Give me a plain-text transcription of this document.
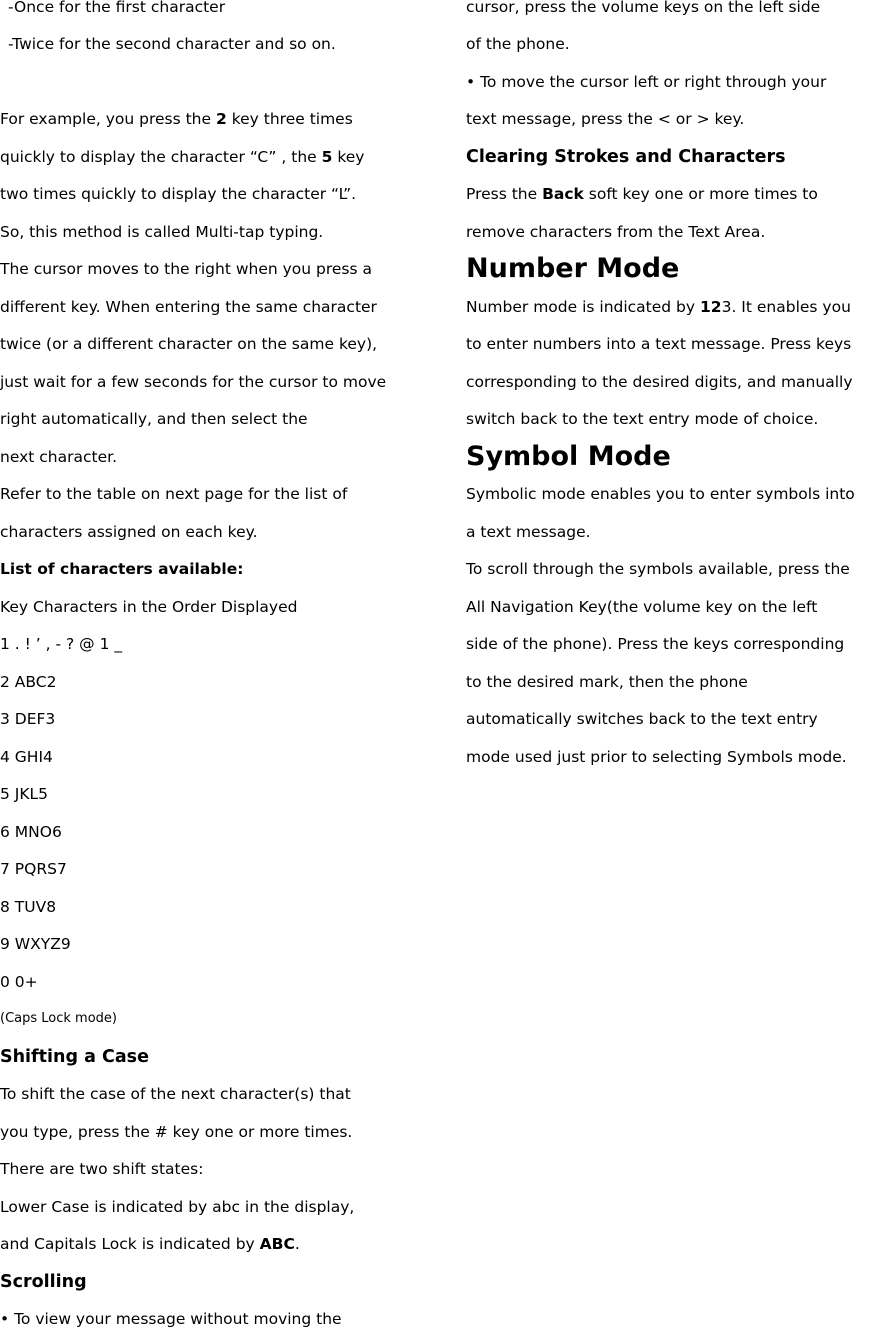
-Once for the first character
-Twice for the second character and so on.
For example, you press the 2 key three times
quickly to display the character “C” , the 5 key
two times quickly to display the character “L”.
So, this method is called Multi-tap typing.
The cursor moves to the right when you press a
different key. When entering the same character
twice (or a different character on the same key),
just wait for a few seconds for the cursor to move
right automatically, and then select the
next character.
Refer to the table on next page for the list of
characters assigned on each key.
List of characters available:
Key Characters in the Order Displayed
1 . ! ’ , - ? @ 1 _
2 ABC2
3 DEF3
4 GHI4
5 JKL5
6 MNO6
7 PQRS7
8 TUV8
9 WXYZ9
0 0+
(Caps Lock mode)
Shifting a Case
To shift the case of the next character(s) that
you type, press the # key one or more times.
There are two shift states:
Lower Case is indicated by abc in the display,
and Capitals Lock is indicated by ABC.
Scrolling
• To view your message without moving the
cursor, press the volume keys on the left side
of the phone.
• To move the cursor left or right through your
text message, press the < or > key.
Clearing Strokes and Characters
Press the Back soft key one or more times to
remove characters from the Text Area.
Number Mode
Number mode is indicated by 123. It enables you
to enter numbers into a text message. Press keys
corresponding to the desired digits, and manually
switch back to the text entry mode of choice.
Symbol Mode
Symbolic mode enables you to enter symbols into
a text message.
To scroll through the symbols available, press the
All Navigation Key(the volume key on the left
side of the phone). Press the keys corresponding
to the desired mark, then the phone
automatically switches back to the text entry
mode used just prior to selecting Symbols mode.
